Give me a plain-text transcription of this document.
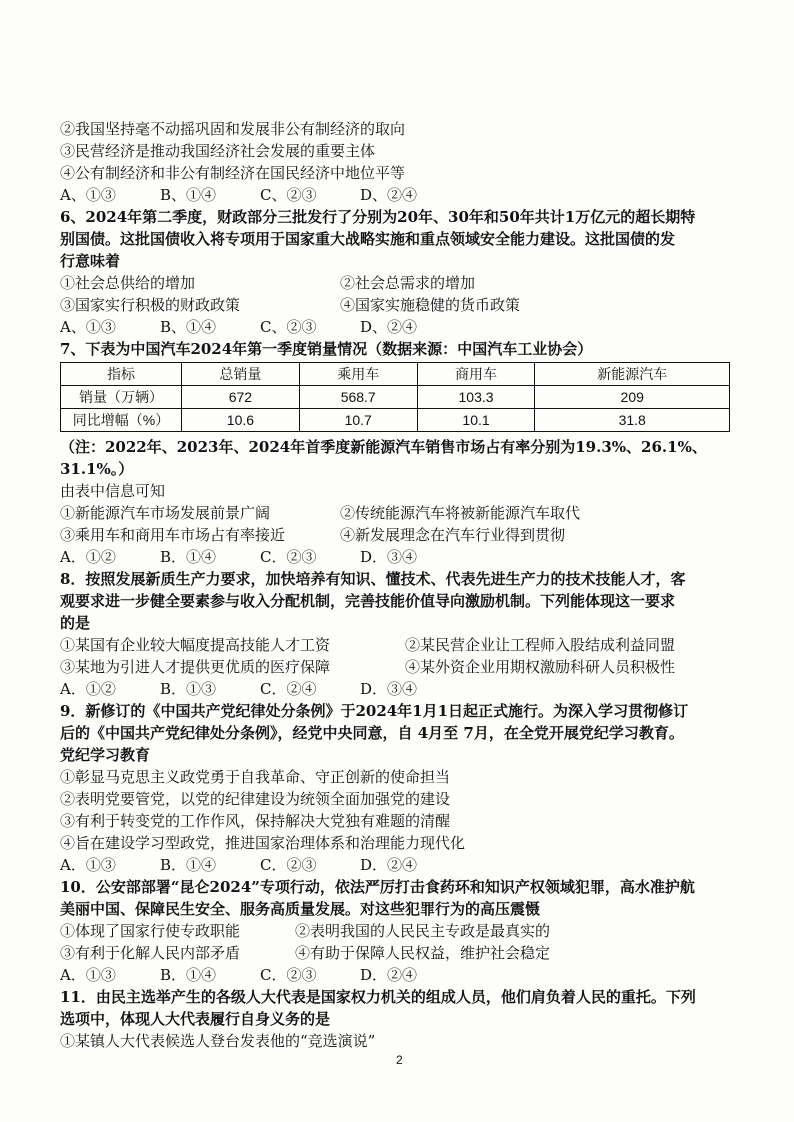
②我国坚持毫不动摇巩固和发展非公有制经济的取向
③民营经济是推动我国经济社会发展的重要主体
④公有制经济和非公有制经济在国民经济中地位平等
A、①③	B、①④	C、②③	D、②④
6、2024年第二季度，财政部分三批发行了分别为20年、30年和50年共计1万亿元的超长期特
别国债。这批国债收入将专项用于国家重大战略实施和重点领域安全能力建设。这批国债的发
行意味着
①社会总供给的增加	②社会总需求的增加
③国家实行积极的财政政策	④国家实施稳健的货币政策
A、①③	B、①④	C、②③	D、②④
7、下表为中国汽车2024年第一季度销量情况（数据来源：中国汽车工业协会）
指标	总销量	乘用车	商用车	新能源汽车
销量（万辆）	672	568.7	103.3	209
同比增幅（%）	10.6	10.7	10.1	31.8
（注：2022年、2023年、2024年首季度新能源汽车销售市场占有率分别为19.3%、26.1%、
31.1%。）
由表中信息可知
①新能源汽车市场发展前景广阔	②传统能源汽车将被新能源汽车取代
③乘用车和商用车市场占有率接近	④新发展理念在汽车行业得到贯彻
A．①②	B．①④	C．②③	D．③④
8．按照发展新质生产力要求，加快培养有知识、懂技术、代表先进生产力的技术技能人才，客
观要求进一步健全要素参与收入分配机制，完善技能价值导向激励机制。下列能体现这一要求
的是
①某国有企业较大幅度提高技能人才工资	②某民营企业让工程师入股结成利益同盟
③某地为引进人才提供更优质的医疗保障	④某外资企业用期权激励科研人员积极性
A．①②	B．①③	C．②④	D．③④
9．新修订的《中国共产党纪律处分条例》于2024年1月1日起正式施行。为深入学习贯彻修订
后的《中国共产党纪律处分条例》，经党中央同意，自 4月至 7月，在全党开展党纪学习教育。
党纪学习教育
①彰显马克思主义政党勇于自我革命、守正创新的使命担当
②表明党要管党，以党的纪律建设为统领全面加强党的建设
③有利于转变党的工作作风，保持解决大党独有难题的清醒
④旨在建设学习型政党，推进国家治理体系和治理能力现代化
A．①③	B．①④	C．②③	D．②④
10．公安部部署“昆仑2024”专项行动，依法严厉打击食药环和知识产权领域犯罪，高水准护航
美丽中国、保障民生安全、服务高质量发展。对这些犯罪行为的高压震慑
①体现了国家行使专政职能	②表明我国的人民民主专政是最真实的
③有利于化解人民内部矛盾	④有助于保障人民权益，维护社会稳定
A．①③	B．①④	C．②③	D．②④
11．由民主选举产生的各级人大代表是国家权力机关的组成人员，他们肩负着人民的重托。下列
选项中，体现人大代表履行自身义务的是
①某镇人大代表候选人登台发表他的“竞选演说”
2
